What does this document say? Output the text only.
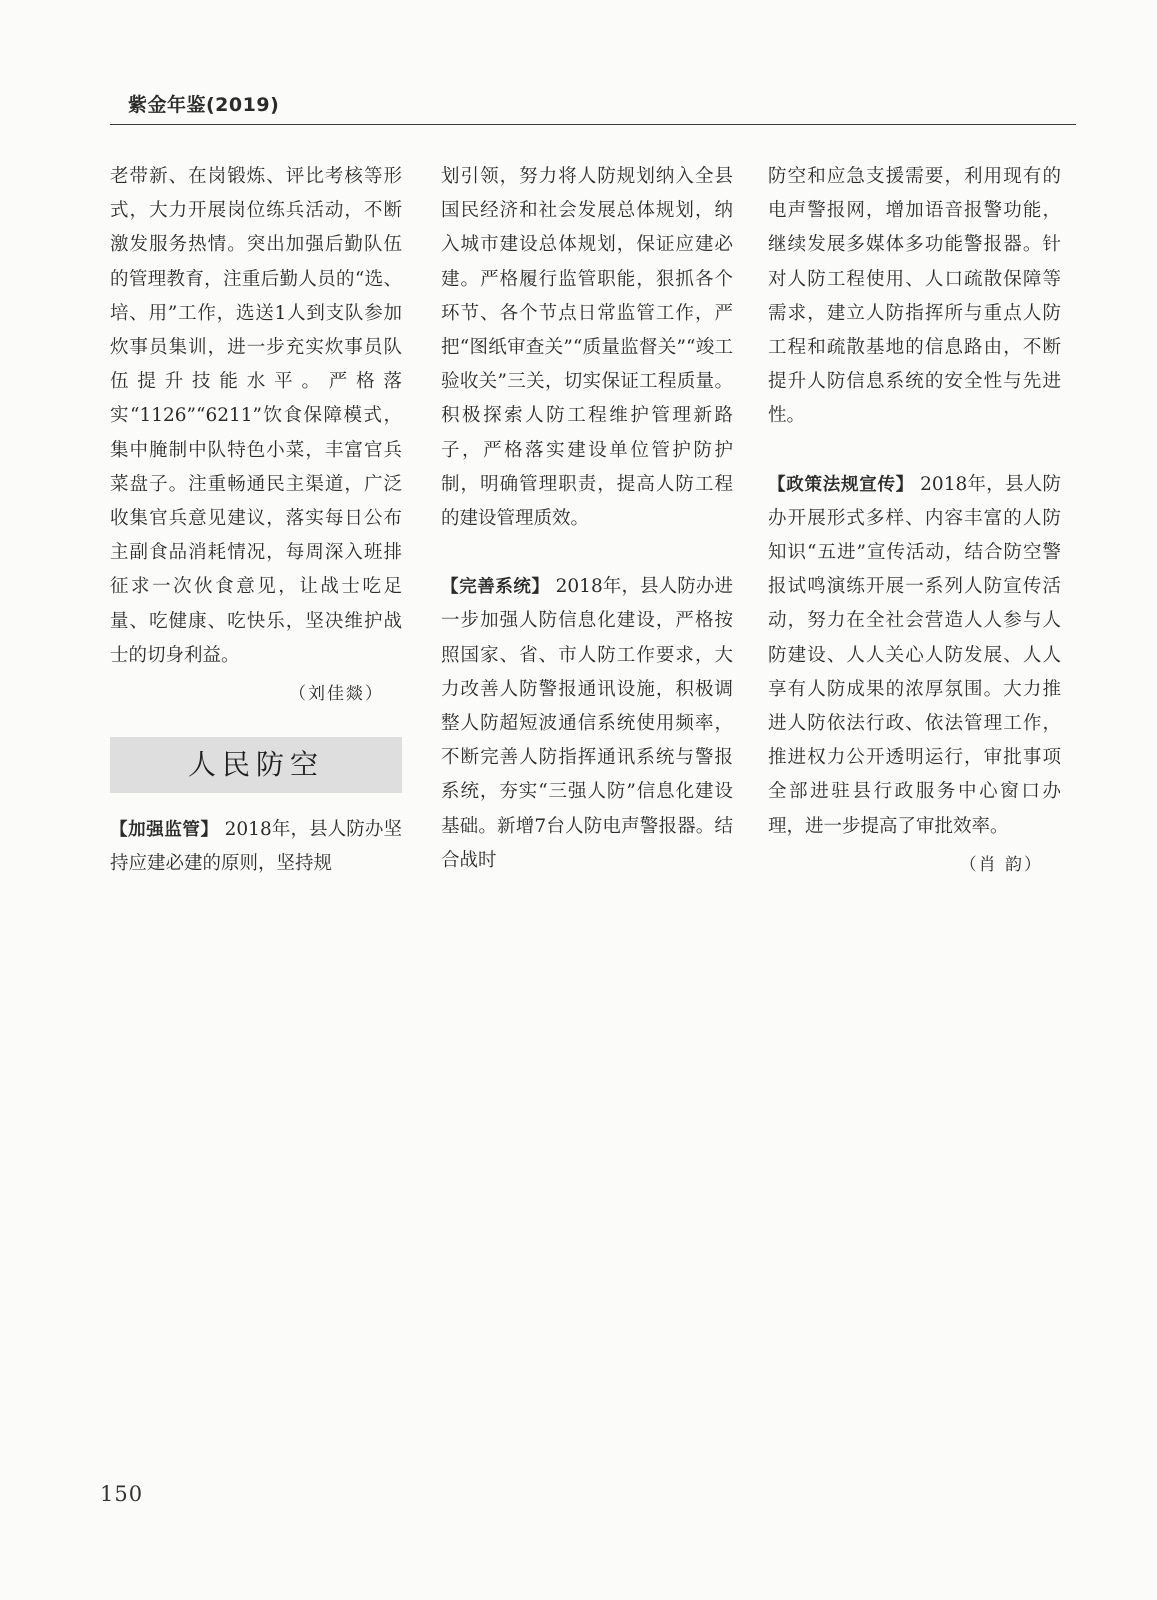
紫金年鉴(2019)

老带新、在岗锻炼、评比考核等形式，大力开展岗位练兵活动，不断激发服务热情。突出加强后勤队伍的管理教育，注重后勤人员的“选、培、用”工作，选送1人到支队参加炊事员集训，进一步充实炊事员队伍提升技能水平。严格落实“1126”“6211”饮食保障模式，集中腌制中队特色小菜，丰富官兵菜盘子。注重畅通民主渠道，广泛收集官兵意见建议，落实每日公布主副食品消耗情况，每周深入班排征求一次伙食意见，让战士吃足量、吃健康、吃快乐，坚决维护战士的切身利益。

（刘佳燚）
人民防空

【加强监管】 2018年，县人防办坚持应建必建的原则，坚持规

划引领，努力将人防规划纳入全县国民经济和社会发展总体规划，纳入城市建设总体规划，保证应建必建。严格履行监管职能，狠抓各个环节、各个节点日常监管工作，严把“图纸审查关”“质量监督关”“竣工验收关”三关，切实保证工程质量。积极探索人防工程维护管理新路子，严格落实建设单位管护防护制，明确管理职责，提高人防工程的建设管理质效。

【完善系统】 2018年，县人防办进一步加强人防信息化建设，严格按照国家、省、市人防工作要求，大力改善人防警报通讯设施，积极调整人防超短波通信系统使用频率，不断完善人防指挥通讯系统与警报系统，夯实“三强人防”信息化建设基础。新增7台人防电声警报器。结合战时

防空和应急支援需要，利用现有的电声警报网，增加语音报警功能，继续发展多媒体多功能警报器。针对人防工程使用、人口疏散保障等需求，建立人防指挥所与重点人防工程和疏散基地的信息路由，不断提升人防信息系统的安全性与先进性。

【政策法规宣传】 2018年，县人防办开展形式多样、内容丰富的人防知识“五进”宣传活动，结合防空警报试鸣演练开展一系列人防宣传活动，努力在全社会营造人人参与人防建设、人人关心人防发展、人人享有人防成果的浓厚氛围。大力推进人防依法行政、依法管理工作，推进权力公开透明运行，审批事项全部进驻县行政服务中心窗口办理，进一步提高了审批效率。

（肖 韵）
150
